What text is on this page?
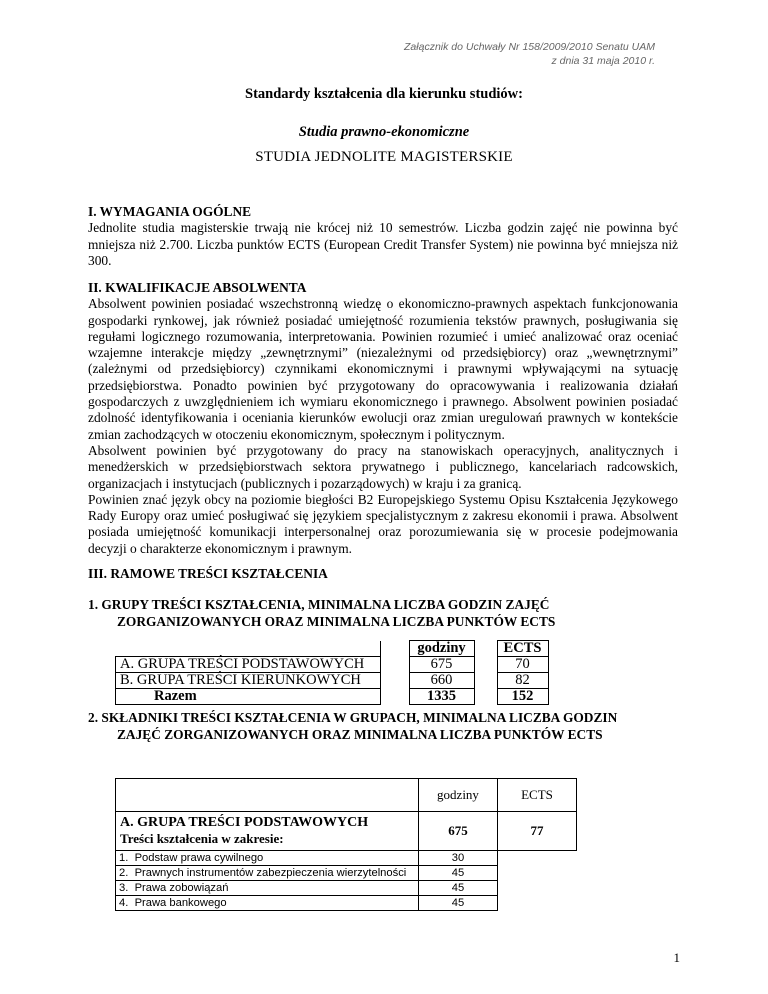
Załącznik do Uchwały Nr 158/2009/2010 Senatu UAM
z dnia 31 maja 2010 r.
Standardy kształcenia dla kierunku studiów:
Studia prawno-ekonomiczne
STUDIA JEDNOLITE MAGISTERSKIE
I. WYMAGANIA OGÓLNE
Jednolite studia magisterskie trwają nie krócej niż 10 semestrów. Liczba godzin zajęć nie powinna być mniejsza niż 2.700. Liczba punktów ECTS (European Credit Transfer System) nie powinna być mniejsza niż 300.
II. KWALIFIKACJE ABSOLWENTA
Absolwent powinien posiadać wszechstronną wiedzę o ekonomiczno-prawnych aspektach funkcjonowania gospodarki rynkowej, jak również posiadać umiejętność rozumienia tekstów prawnych, posługiwania się regułami logicznego rozumowania, interpretowania. Powinien rozumieć i umieć analizować oraz oceniać wzajemne interakcje między „zewnętrznymi” (niezależnymi od przedsiębiorcy) oraz „wewnętrznymi” (zależnymi od przedsiębiorcy) czynnikami ekonomicznymi i prawnymi wpływającymi na sytuację przedsiębiorstwa. Ponadto powinien być przygotowany do opracowywania i realizowania działań gospodarczych z uwzględnieniem ich wymiaru ekonomicznego i prawnego. Absolwent powinien posiadać zdolność identyfikowania i oceniania kierunków ewolucji oraz zmian uregulowań prawnych w kontekście zmian zachodzących w otoczeniu ekonomicznym, społecznym i politycznym.
Absolwent powinien być przygotowany do pracy na stanowiskach operacyjnych, analitycznych i menedżerskich w przedsiębiorstwach sektora prywatnego i publicznego, kancelariach radcowskich, organizacjach i instytucjach (publicznych i pozarządowych) w kraju i za granicą.
Powinien znać język obcy na poziomie biegłości B2 Europejskiego Systemu Opisu Kształcenia Językowego Rady Europy oraz umieć posługiwać się językiem specjalistycznym z zakresu ekonomii i prawa. Absolwent posiada umiejętność komunikacji interpersonalnej oraz porozumiewania się w procesie podejmowania decyzji o charakterze ekonomicznym i prawnym.
III. RAMOWE TREŚCI KSZTAŁCENIA
1. GRUPY TREŚCI KSZTAŁCENIA, MINIMALNA LICZBA GODZIN ZAJĘĆ
ZORGANIZOWANYCH ORAZ MINIMALNA LICZBA PUNKTÓW ECTS
		godziny		ECTS
A. GRUPA TREŚCI PODSTAWOWYCH		675		70
B. GRUPA TREŚCI KIERUNKOWYCH		660		82
Razem		1335		152
2. SKŁADNIKI TREŚCI KSZTAŁCENIA W GRUPACH, MINIMALNA LICZBA GODZIN
ZAJĘĆ ZORGANIZOWANYCH ORAZ MINIMALNA LICZBA PUNKTÓW ECTS
	godziny	ECTS

A. GRUPA TREŚCI PODSTAWOWYCH
Treści kształcenia w zakresie:	675	77
1. Podstaw prawa cywilnego	30	
2. Prawnych instrumentów zabezpieczenia wierzytelności	45	
3. Prawa zobowiązań	45	
4. Prawa bankowego	45	
1
